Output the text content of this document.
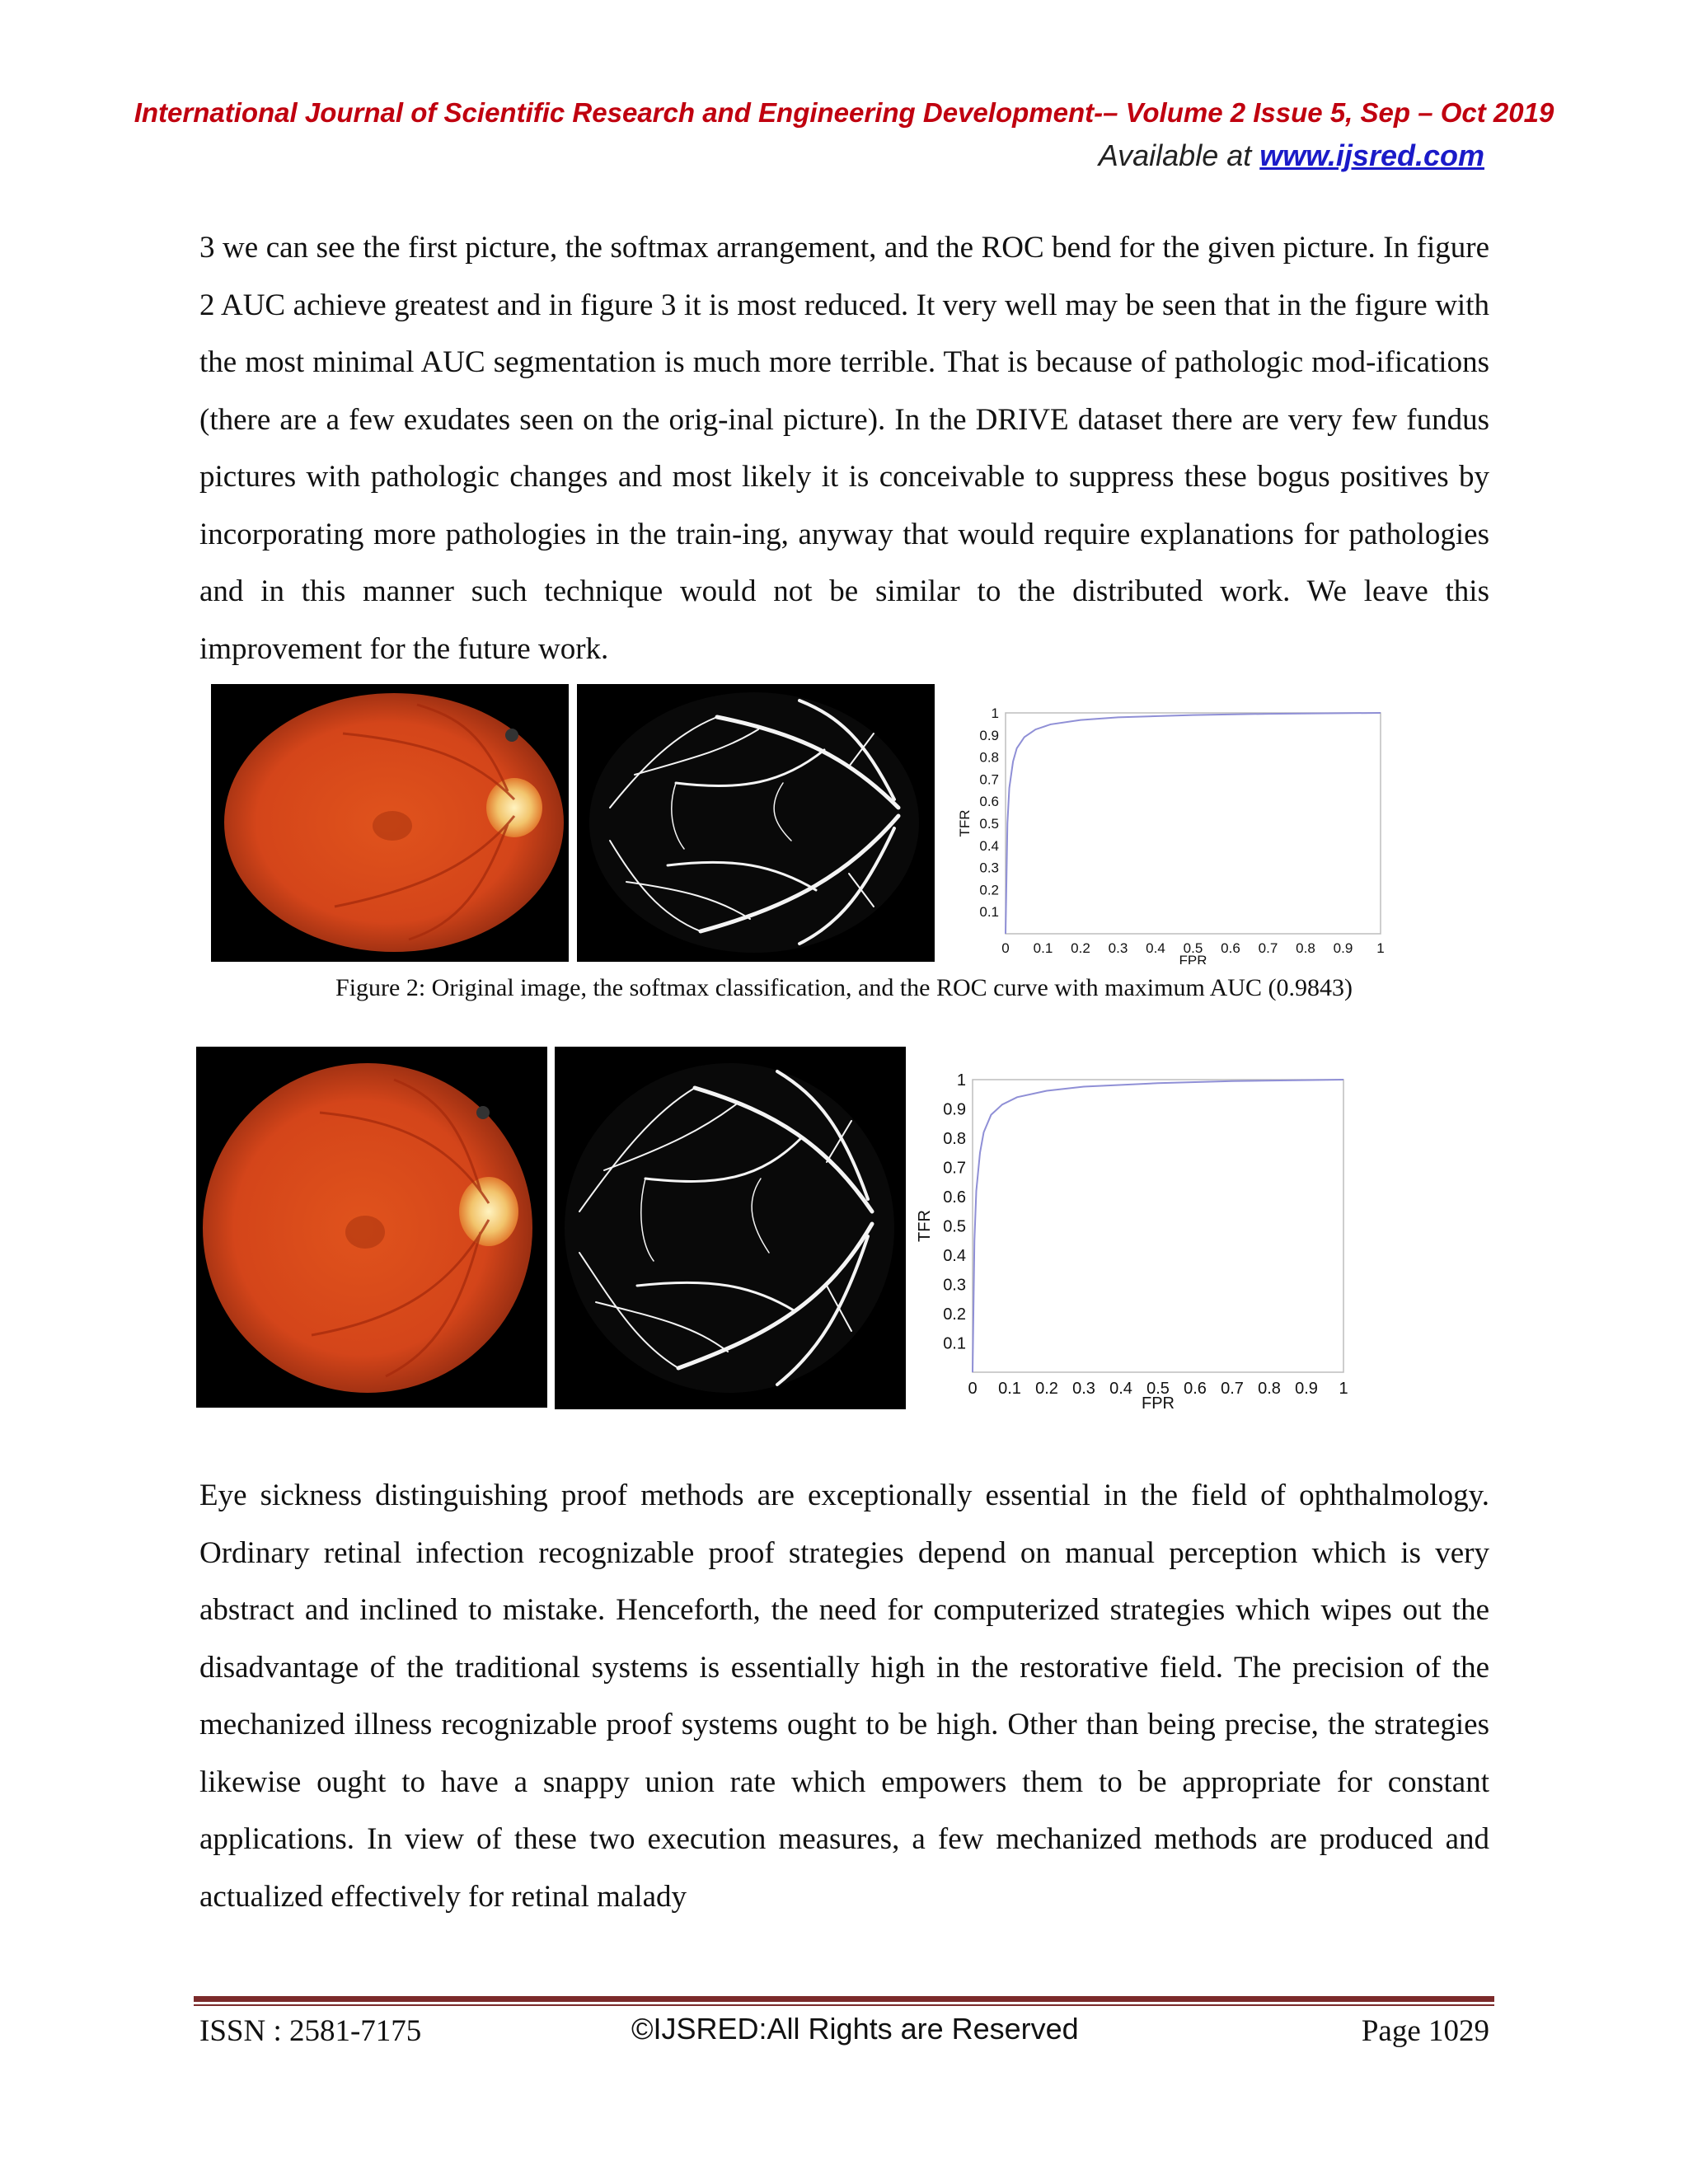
International Journal of Scientific Research and Engineering Development-– Volume 2 Issue 5, Sep – Oct 2019
Available at www.ijsred.com

3 we can see the first picture, the softmax arrangement, and the ROC bend for the given picture. In figure 2 AUC achieve greatest and in figure 3 it is most reduced. It very well may be seen that in the figure with the most minimal AUC segmentation is much more terrible. That is because of pathologic mod-ifications (there are a few exudates seen on the orig-inal picture). In the DRIVE dataset there are very few fundus pictures with pathologic changes and most likely it is conceivable to suppress these bogus positives by incorporating more pathologies in the train-ing, anyway that would require explanations for pathologies and in this manner such technique would not be similar to the distributed work. We leave this improvement for the future work.

0 0.1 0.2 0.3 0.4 0.5 0.6 0.7 0.8 0.9 1
0.1
0.2
0.3
0.4
0.5
0.6
0.7
0.8
0.9
1
FPR
TFR
Figure 2: Original image, the softmax classification, and the ROC curve with maximum AUC (0.9843)
0 0.1 0.2 0.3 0.4 0.5 0.6 0.7 0.8 0.9 1
0.1
0.2
0.3
0.4
0.5
0.6
0.7
0.8
0.9
1
FPR
TFR

Eye sickness distinguishing proof methods are exceptionally essential in the field of ophthalmology. Ordinary retinal infection recognizable proof strategies depend on manual perception which is very abstract and inclined to mistake. Henceforth, the need for computerized strategies which wipes out the disadvantage of the traditional systems is essentially high in the restorative field. The precision of the mechanized illness recognizable proof systems ought to be high. Other than being precise, the strategies likewise ought to have a snappy union rate which empowers them to be appropriate for constant applications. In view of these two execution measures, a few mechanized methods are produced and actualized effectively for retinal malady

ISSN : 2581-7175	©IJSRED:All Rights are Reserved	Page 1029
